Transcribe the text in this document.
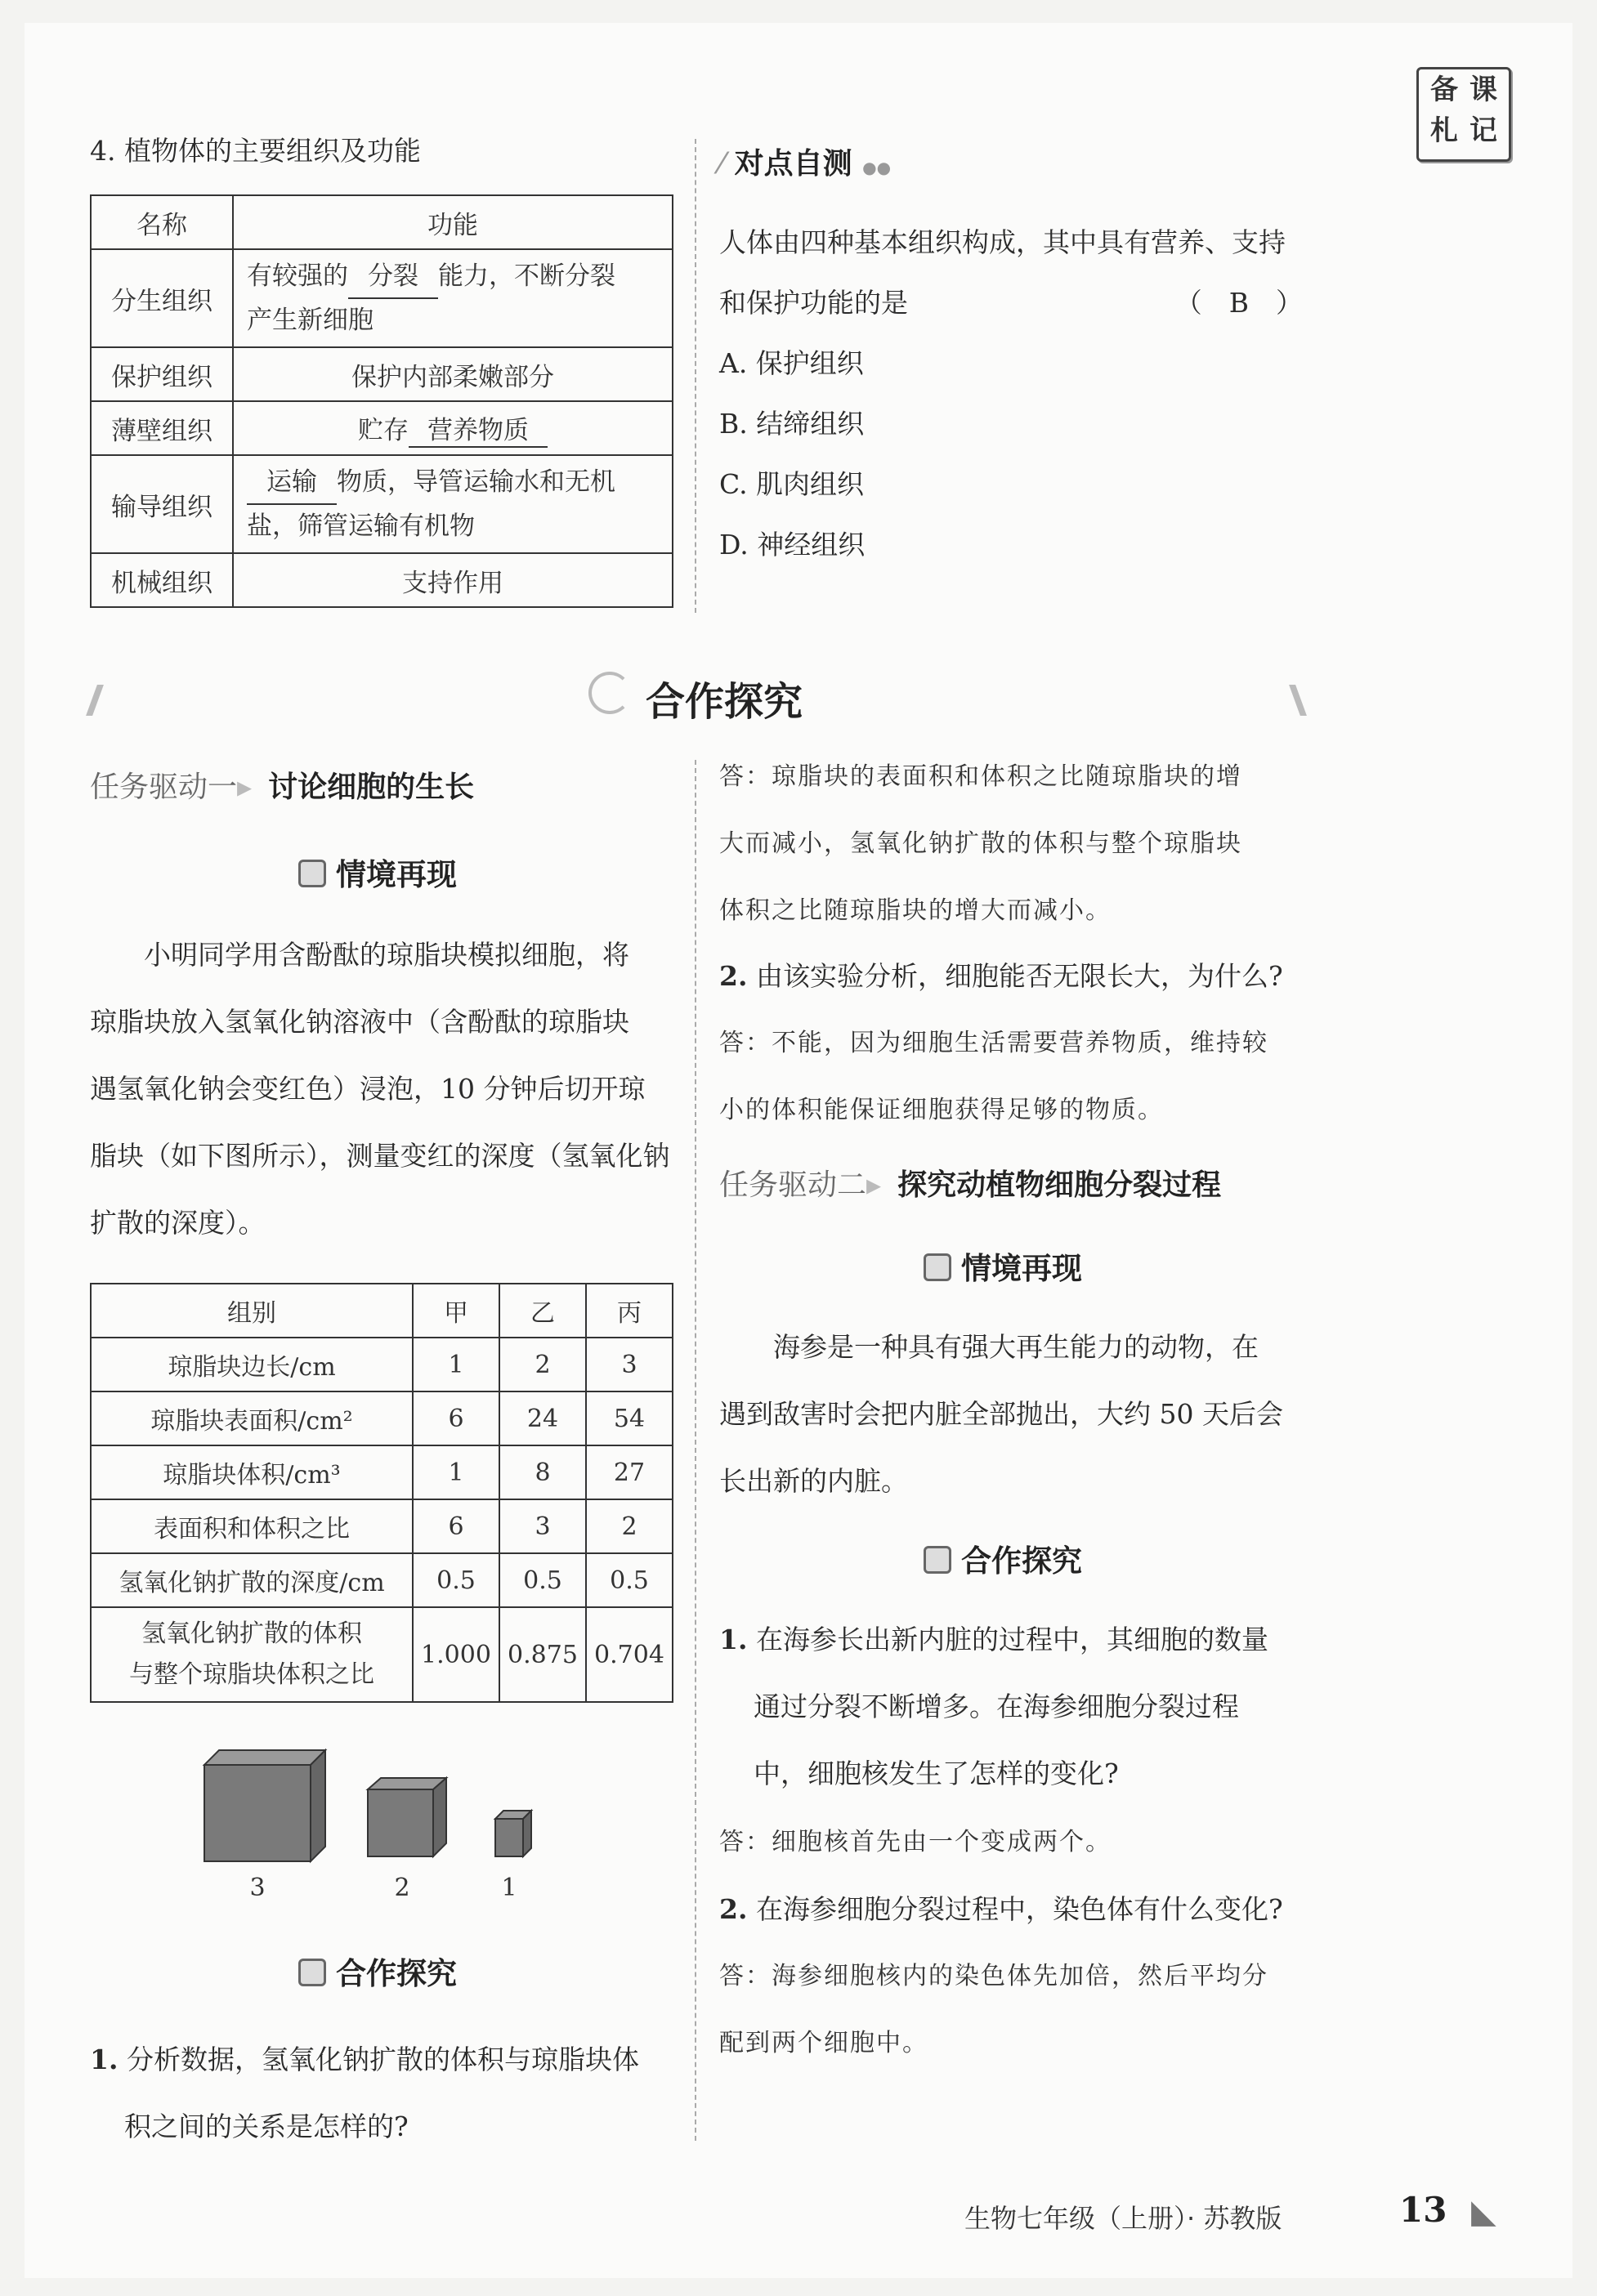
备 课
札 记
4. 植物体的主要组织及功能
名称	功能
分生组织	有较强的 分裂 能力，不断分裂
产生新细胞
保护组织	保护内部柔嫩部分
薄壁组织	贮存 营养物质
输导组织	运输 物质，导管运输水和无机
盐，筛管运输有机物
机械组织	支持作用
⁄ 对点自测 ●●
人体由四种基本组织构成，其中具有营养、支持
和保护功能的是	（　B　）
A. 保护组织
B. 结缔组织
C. 肌肉组织
D. 神经组织
合作探究
任务驱动一▸ 讨论细胞的生长
情境再现
小明同学用含酚酞的琼脂块模拟细胞，将
琼脂块放入氢氧化钠溶液中（含酚酞的琼脂块
遇氢氧化钠会变红色）浸泡，10 分钟后切开琼
脂块（如下图所示），测量变红的深度（氢氧化钠
扩散的深度）。
组别	甲	乙	丙
琼脂块边长/cm	1	2	3
琼脂块表面积/cm²	6	24	54
琼脂块体积/cm³	1	8	27
表面积和体积之比	6	3	2
氢氧化钠扩散的深度/cm	0.5	0.5	0.5
氢氧化钠扩散的体积
与整个琼脂块体积之比	1.000	0.875	0.704
3	2	1
合作探究
1. 分析数据，氢氧化钠扩散的体积与琼脂块体
积之间的关系是怎样的?
答：琼脂块的表面积和体积之比随琼脂块的增
大而减小，氢氧化钠扩散的体积与整个琼脂块
体积之比随琼脂块的增大而减小。
2. 由该实验分析，细胞能否无限长大，为什么?
答：不能，因为细胞生活需要营养物质，维持较
小的体积能保证细胞获得足够的物质。
任务驱动二▸ 探究动植物细胞分裂过程
情境再现
海参是一种具有强大再生能力的动物，在
遇到敌害时会把内脏全部抛出，大约 50 天后会
长出新的内脏。
合作探究
1. 在海参长出新内脏的过程中，其细胞的数量
通过分裂不断增多。在海参细胞分裂过程
中，细胞核发生了怎样的变化?
答：细胞核首先由一个变成两个。
2. 在海参细胞分裂过程中，染色体有什么变化?
答：海参细胞核内的染色体先加倍，然后平均分
配到两个细胞中。
生物七年级（上册）· 苏教版	13 ◣
